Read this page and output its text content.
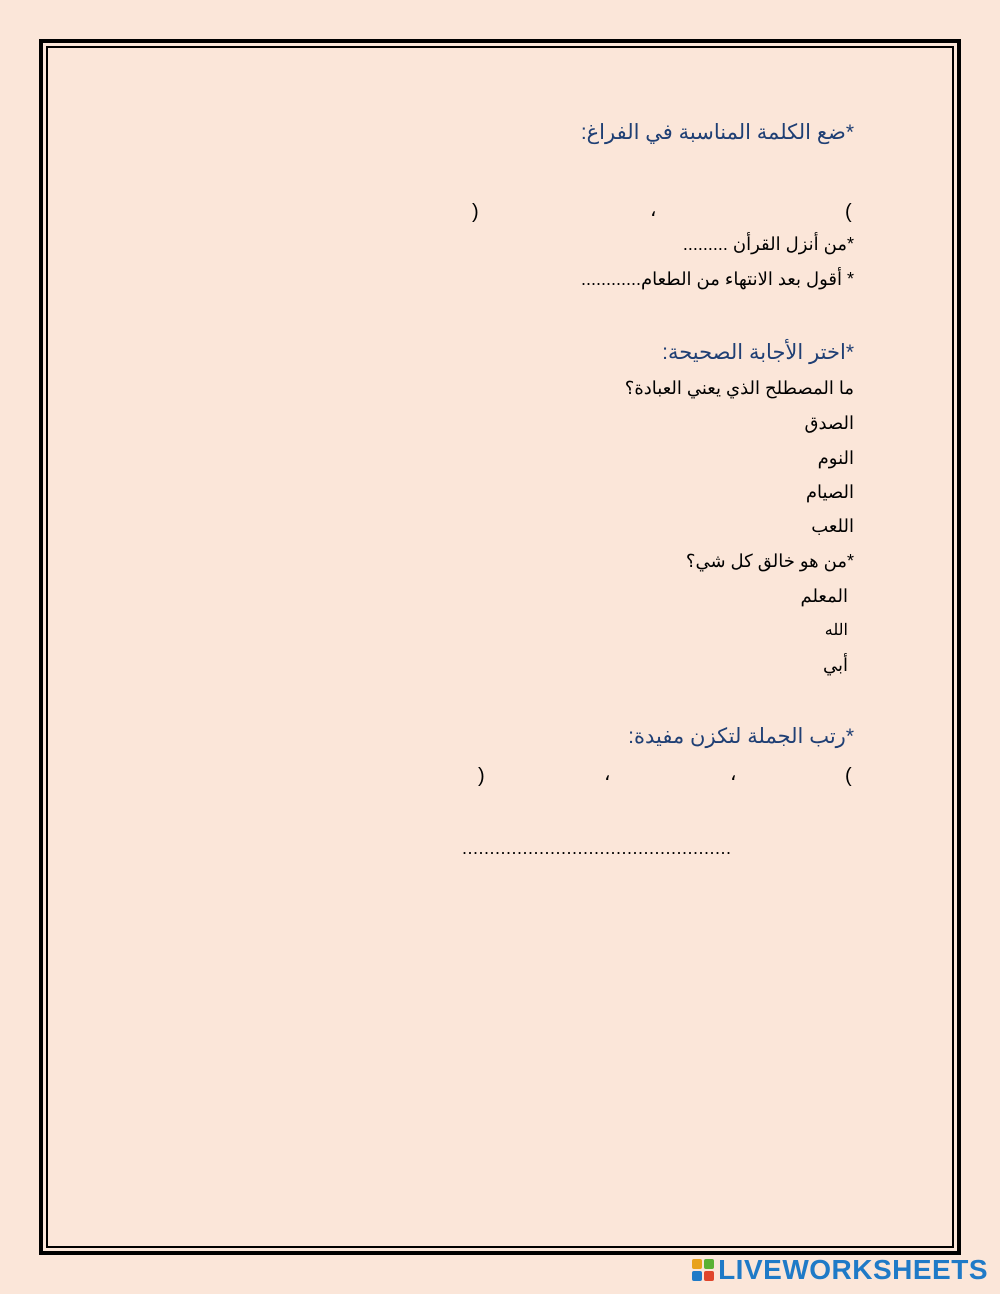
*ضع الكلمة المناسبة في الفراغ:
(
،
)
*من أنزل القرأن .........
* أقول بعد الانتهاء من الطعام............
*اختر الأجابة الصحيحة:
ما المصطلح الذي يعني العبادة؟
الصدق
النوم
الصيام
اللعب
*من هو خالق كل شي؟
المعلم
الله
أبي
*رتب الجملة لتكزن مفيدة:
(
،
،
)
.................................................
LIVEWORKSHEETS
